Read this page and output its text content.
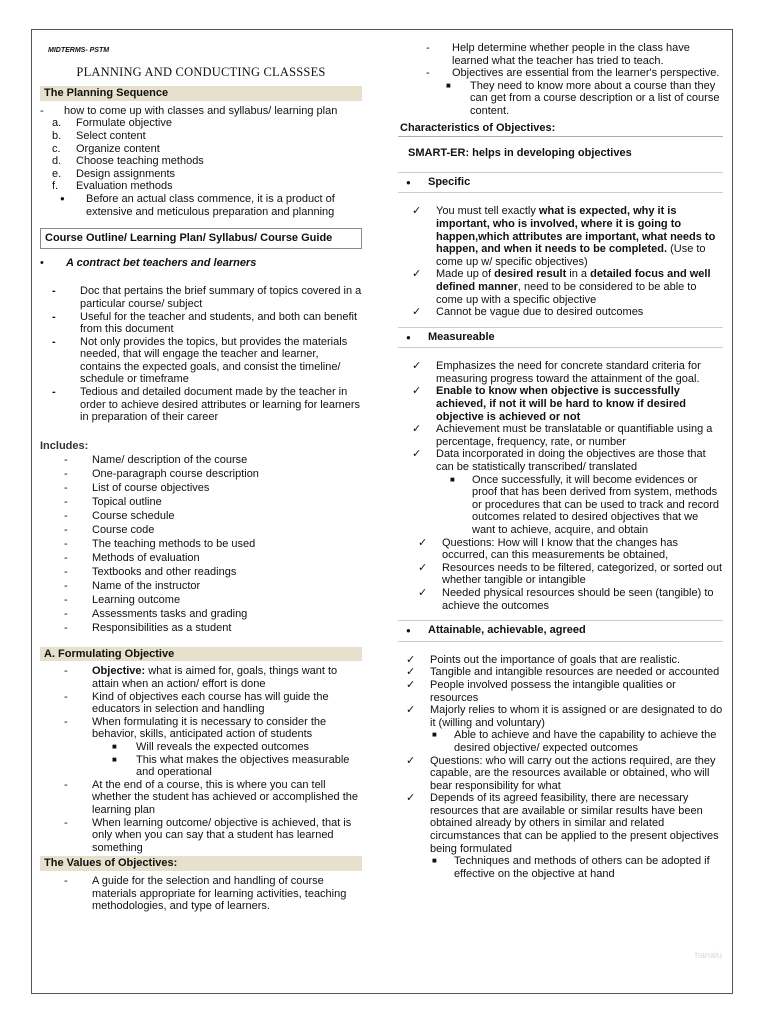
MIDTERMS- PSTM
PLANNING AND CONDUCTING CLASSSES
The Planning Sequence
-	how to come up with classes and syllabus/ learning plan
a.	Formulate objective
b.	Select content
c.	Organize content
d.	Choose teaching methods
e.	Design assignments
f.	Evaluation methods
●	Before an actual class commence, it is a product of extensive and meticulous preparation and planning
Course Outline/ Learning Plan/ Syllabus/ Course Guide
•	A contract bet teachers and learners
-	Doc that pertains the brief summary of topics covered in a particular course/ subject
-	Useful for the teacher and students, and both can benefit from this document
-	Not only provides the topics, but provides the materials needed, that will engage the teacher and learner, contains the expected goals, and consist the timeline/ schedule or timeframe
-	Tedious and detailed document made by the teacher in order to achieve desired attributes or learning for learners in preparation of their career
Includes:
-	Name/ description of the course
-	One-paragraph course description
-	List of course objectives
-	Topical outline
-	Course schedule
-	Course code
-	The teaching methods to be used
-	Methods of evaluation
-	Textbooks and other readings
-	Name of the instructor
-	Learning outcome
-	Assessments tasks and grading
-	Responsibilities as a student
A. Formulating Objective
-	Objective: what is aimed for, goals, things want to attain when an action/ effort is done
-	Kind of objectives each course has will guide the educators in selection and handling
-	When formulating it is necessary to consider the behavior, skills, anticipated action of students
■	Will reveals the expected outcomes
■	This what makes the objectives measurable and operational
-	At the end of a course, this is where you can tell whether the student has achieved or accomplished the learning plan
-	When learning outcome/ objective is achieved, that is only when you can say that a student has learned something
The Values of Objectives:
-	A guide for the selection and handling of course materials appropriate for learning activities, teaching methodologies, and type of learners.
-	Help determine whether people in the class have learned what the teacher has tried to teach.
-	Objectives are essential from the learner's perspective.
■	They need to know more about a course than they can get from a course description or a list of course content.
Characteristics of Objectives:
SMART-ER: helps in developing objectives
● Specific
✓	You must tell exactly what is expected, why it is important, who is involved, where it is going to happen,which attributes are important, what needs to happen, and when it needs to be completed. (Use to come up w/ specific objectives)
✓	Made up of desired result in a detailed focus and well defined manner, need to be considered to be able to come up with a specific objective
✓	Cannot be vague due to desired outcomes
● Measureable
✓	Emphasizes the need for concrete standard criteria for measuring progress toward the attainment of the goal.
✓	Enable to know when objective is successfully achieved, if not it will be hard to know if desired objective is achieved or not
✓	Achievement must be translatable or quantifiable using a percentage, frequency, rate, or number
✓	Data incorporated in doing the objectives are those that can be statistically transcribed/ translated
■	Once successfully, it will become evidences or proof that has been derived from system, methods or procedures that can be used to track and record outcomes related to desired objectives that we want to achieve, acquire, and obtain
✓	Questions: How will I know that the changes has occurred, can this measurements be obtained,
✓	Resources needs to be filtered, categorized, or sorted out whether tangible or intangible
✓	Needed physical resources should be seen (tangible) to achieve the outcomes
● Attainable, achievable, agreed
✓	Points out the importance of goals that are realistic.
✓	Tangible and intangible resources are needed or accounted
✓	People involved possess the intangible qualities or resources
✓	Majorly relies to whom it is assigned or are designated to do it (willing and voluntary)
■	Able to achieve and have the capability to achieve the desired objective/ expected outcomes
✓	Questions: who will carry out the actions required, are they capable, are the resources available or obtained, who will bear responsibility for what
✓	Depends of its agreed feasibility, there are necessary resources that are available or similar results have been obtained already by others in similar and related circumstances that can be applied to the present objectives being formulated
■	Techniques and methods of others can be adopted if effective on the objective at hand
hanaiu
